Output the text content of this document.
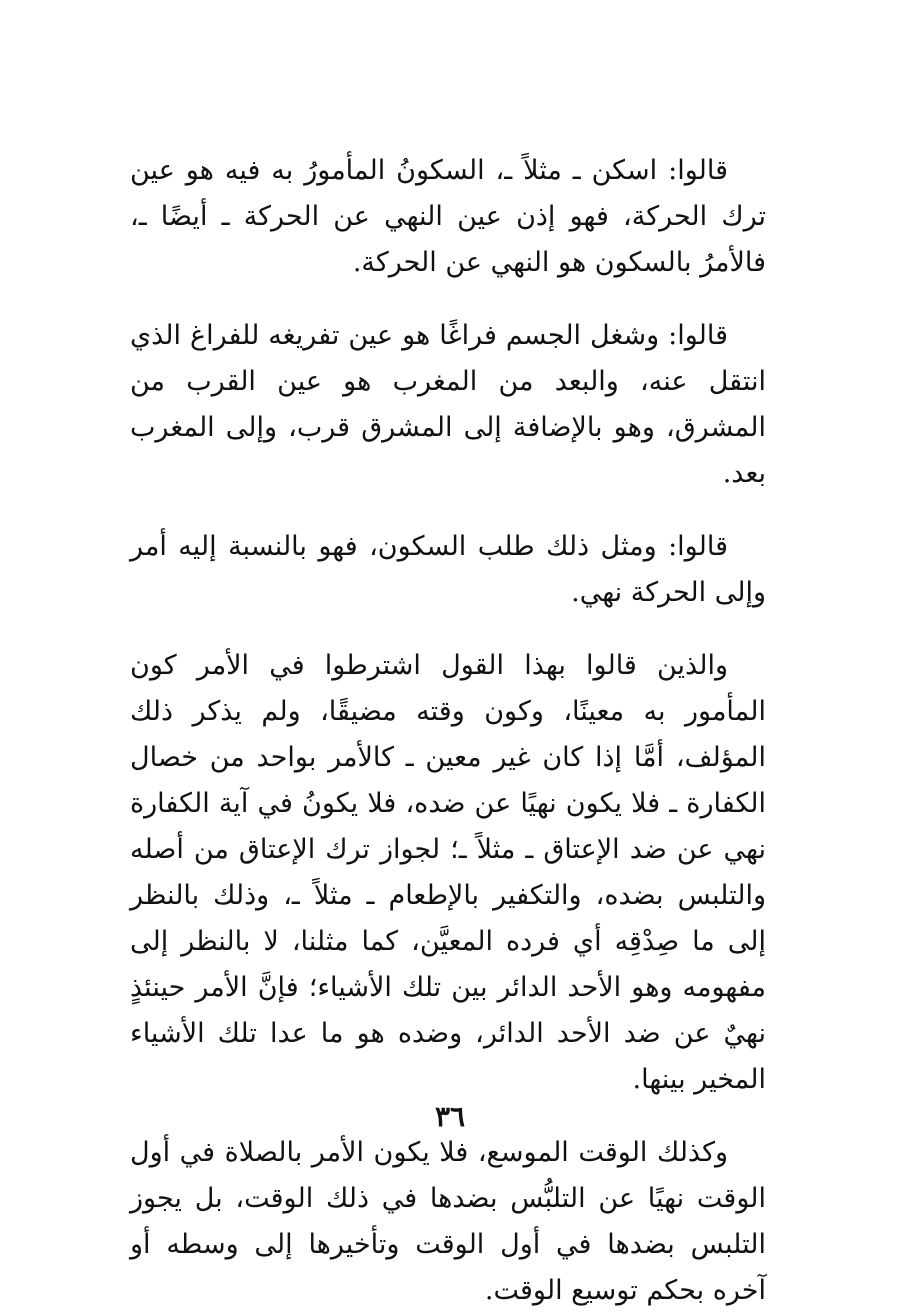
قالوا: اسكن ـ مثلاً ـ، السكونُ المأمورُ به فيه هو عين ترك الحركة، فهو إذن عين النهي عن الحركة ـ أيضًا ـ، فالأمرُ بالسكون هو النهي عن الحركة.

قالوا: وشغل الجسم فراغًا هو عين تفريغه للفراغ الذي انتقل عنه، والبعد من المغرب هو عين القرب من المشرق، وهو بالإضافة إلى المشرق قرب، وإلى المغرب بعد.

قالوا: ومثل ذلك طلب السكون، فهو بالنسبة إليه أمر وإلى الحركة نهي.

والذين قالوا بهذا القول اشترطوا في الأمر كون المأمور به معينًا، وكون وقته مضيقًا، ولم يذكر ذلك المؤلف، أمَّا إذا كان غير معين ـ كالأمر بواحد من خصال الكفارة ـ فلا يكون نهيًا عن ضده، فلا يكونُ في آية الكفارة نهي عن ضد الإعتاق ـ مثلاً ـ؛ لجواز ترك الإعتاق من أصله والتلبس بضده، والتكفير بالإطعام ـ مثلاً ـ، وذلك بالنظر إلى ما صِدْقِه أي فرده المعيَّن، كما مثلنا، لا بالنظر إلى مفهومه وهو الأحد الدائر بين تلك الأشياء؛ فإنَّ الأمر حينئذٍ نهيٌ عن ضد الأحد الدائر، وضده هو ما عدا تلك الأشياء المخير بينها.

وكذلك الوقت الموسع، فلا يكون الأمر بالصلاة في أول الوقت نهيًا عن التلبُّس بضدها في ذلك الوقت، بل يجوز التلبس بضدها في أول الوقت وتأخيرها إلى وسطه أو آخره بحكم توسيع الوقت.

٣٦
